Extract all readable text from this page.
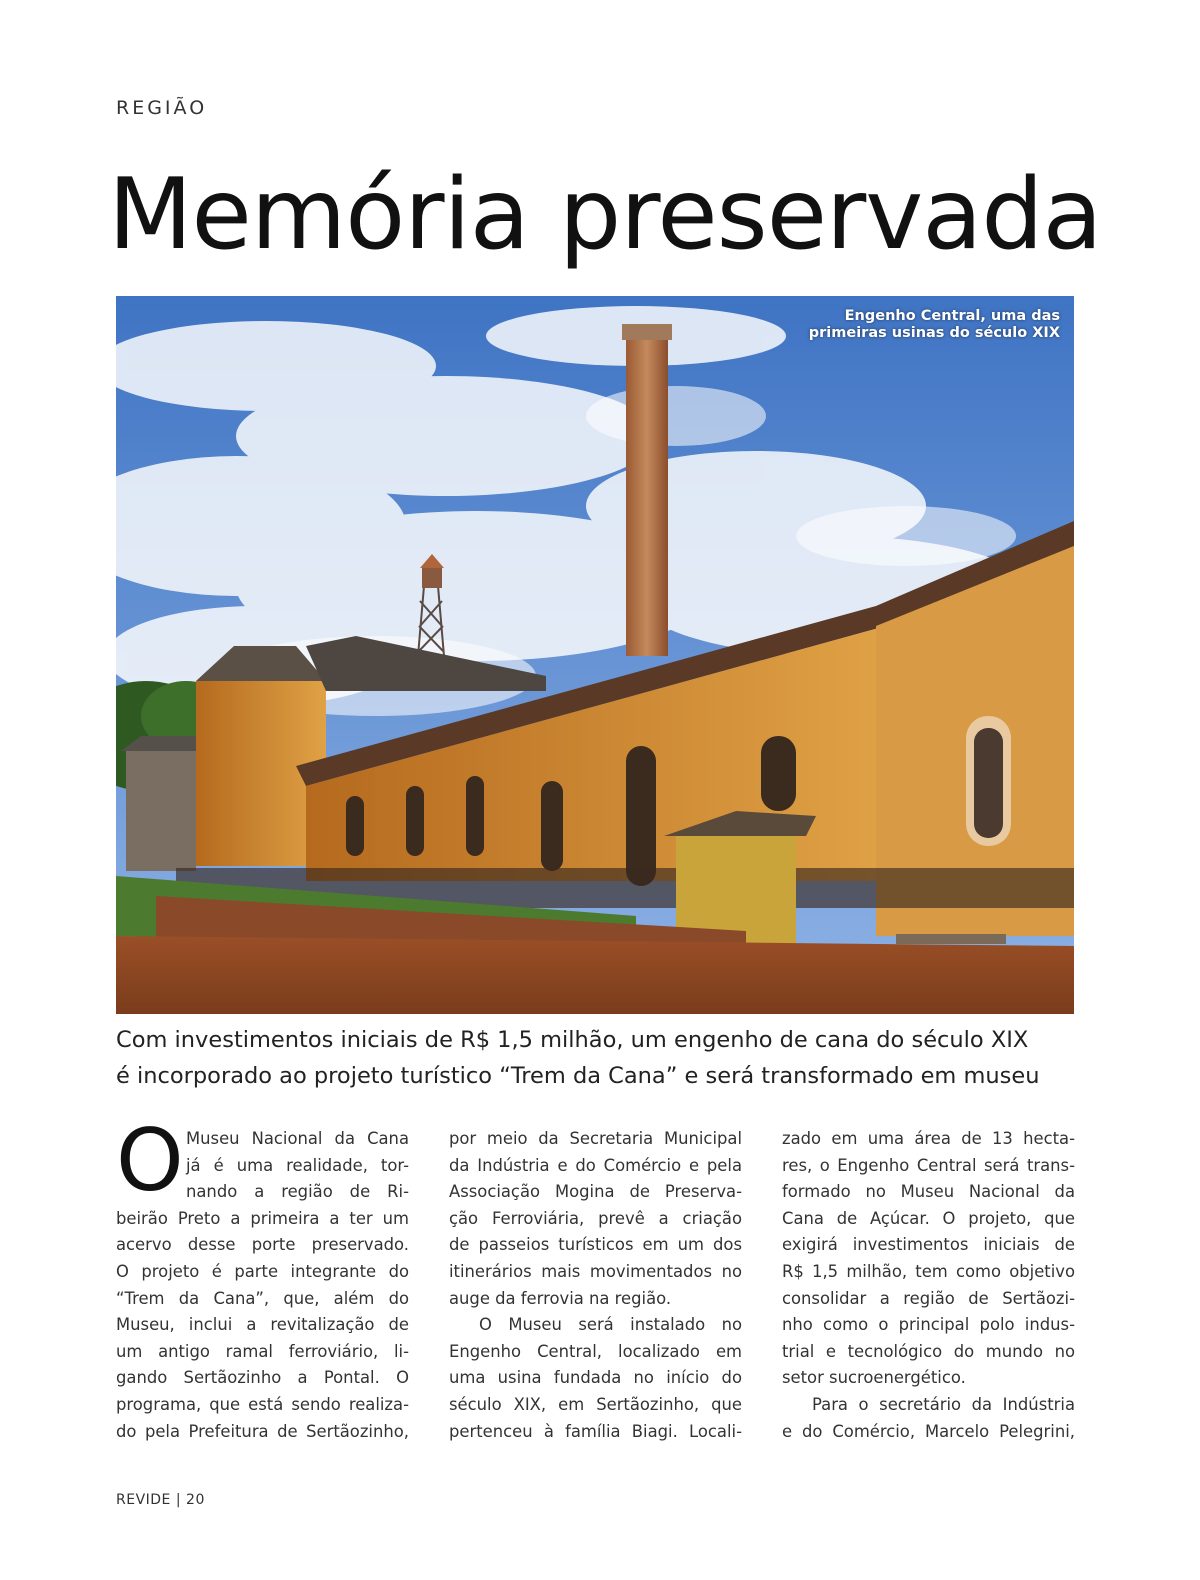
REGIÃO
Memória preservada
Engenho Central, uma das
primeiras usinas do século XIX
Com investimentos iniciais de R$ 1,5 milhão, um engenho de cana do século XIX
é incorporado ao projeto turístico “Trem da Cana” e será transformado em museu
O Museu Nacional da Cana
já é uma realidade, tor-
nando a região de Ri-
beirão Preto a primeira a ter um
acervo desse porte preservado.
O projeto é parte integrante do
“Trem da Cana”, que, além do
Museu, inclui a revitalização de
um antigo ramal ferroviário, li-
gando Sertãozinho a Pontal. O
programa, que está sendo realiza-
do pela Prefeitura de Sertãozinho,
por meio da Secretaria Municipal
da Indústria e do Comércio e pela
Associação Mogina de Preserva-
ção Ferroviária, prevê a criação
de passeios turísticos em um dos
itinerários mais movimentados no
auge da ferrovia na região.
O Museu será instalado no
Engenho Central, localizado em
uma usina fundada no início do
século XIX, em Sertãozinho, que
pertenceu à família Biagi. Locali-
zado em uma área de 13 hecta-
res, o Engenho Central será trans-
formado no Museu Nacional da
Cana de Açúcar. O projeto, que
exigirá investimentos iniciais de
R$ 1,5 milhão, tem como objetivo
consolidar a região de Sertãozi-
nho como o principal polo indus-
trial e tecnológico do mundo no
setor sucroenergético.
Para o secretário da Indústria
e do Comércio, Marcelo Pelegrini,
REVIDE | 20
